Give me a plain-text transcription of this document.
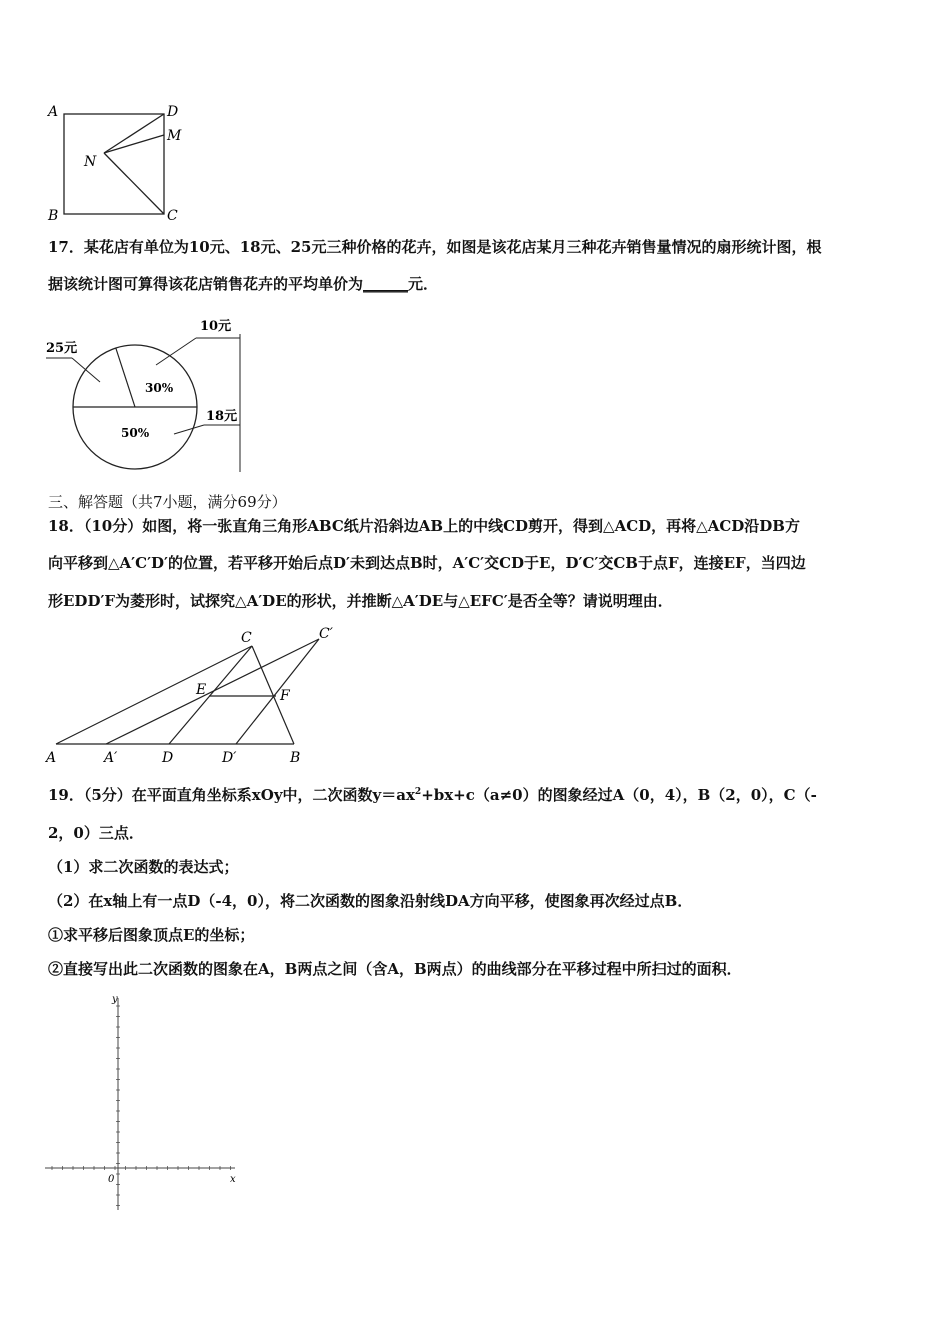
A	D
M
N
B	C
17．某花店有单位为10元、18元、25元三种价格的花卉，如图是该花店某月三种花卉销售量情况的扇形统计图，根
据该统计图可算得该花店销售花卉的平均单价为______元．
10元
25元
18元
30%
50%
三、解答题（共7小题，满分69分）
18．（10分）如图，将一张直角三角形ABC纸片沿斜边AB上的中线CD剪开，得到△ACD，再将△ACD沿DB方
向平移到△A′C′D′的位置，若平移开始后点D′未到达点B时，A′C′交CD于E，D′C′交CB于点F，连接EF，当四边
形EDD′F为菱形时，试探究△A′DE的形状，并推断△A′DE与△EFC′是否全等？请说明理由．
C	C′
E	F
A	A′	D	D′	B
19．（5分）在平面直角坐标系xOy中，二次函数$y=ax^2+bx+c(a\ne 0)$的图象经过A（0，4），B（2，0），C（-
2，0）三点．
（1）求二次函数的表达式；
（2）在x轴上有一点D（-4，0），将二次函数的图象沿射线DA方向平移，使图象再次经过点B．
①求平移后图象顶点E的坐标；
②直接写出此二次函数的图象在A，B两点之间（含A，B两点）的曲线部分在平移过程中所扫过的面积．
y
x
0
